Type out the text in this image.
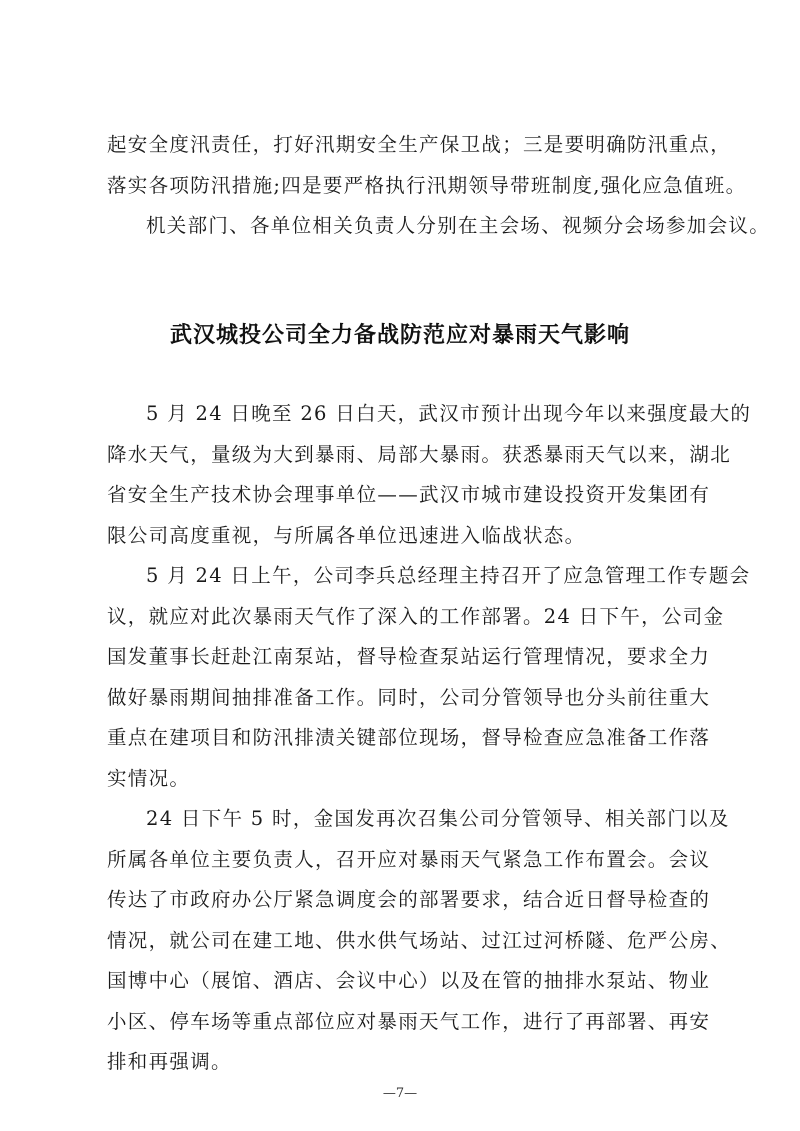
起安全度汛责任，打好汛期安全生产保卫战；三是要明确防汛重点，
落实各项防汛措施;四是要严格执行汛期领导带班制度,强化应急值班。
机关部门、各单位相关负责人分别在主会场、视频分会场参加会议。
武汉城投公司全力备战防范应对暴雨天气影响
5 月 24 日晚至 26 日白天，武汉市预计出现今年以来强度最大的
降水天气，量级为大到暴雨、局部大暴雨。获悉暴雨天气以来，湖北
省安全生产技术协会理事单位——武汉市城市建设投资开发集团有
限公司高度重视，与所属各单位迅速进入临战状态。
5 月 24 日上午，公司李兵总经理主持召开了应急管理工作专题会
议，就应对此次暴雨天气作了深入的工作部署。24 日下午，公司金
国发董事长赶赴江南泵站，督导检查泵站运行管理情况，要求全力
做好暴雨期间抽排准备工作。同时，公司分管领导也分头前往重大
重点在建项目和防汛排渍关键部位现场，督导检查应急准备工作落
实情况。
24 日下午 5 时，金国发再次召集公司分管领导、相关部门以及
所属各单位主要负责人，召开应对暴雨天气紧急工作布置会。会议
传达了市政府办公厅紧急调度会的部署要求，结合近日督导检查的
情况，就公司在建工地、供水供气场站、过江过河桥隧、危严公房、
国博中心（展馆、酒店、会议中心）以及在管的抽排水泵站、物业
小区、停车场等重点部位应对暴雨天气工作，进行了再部署、再安
排和再强调。
—7—
